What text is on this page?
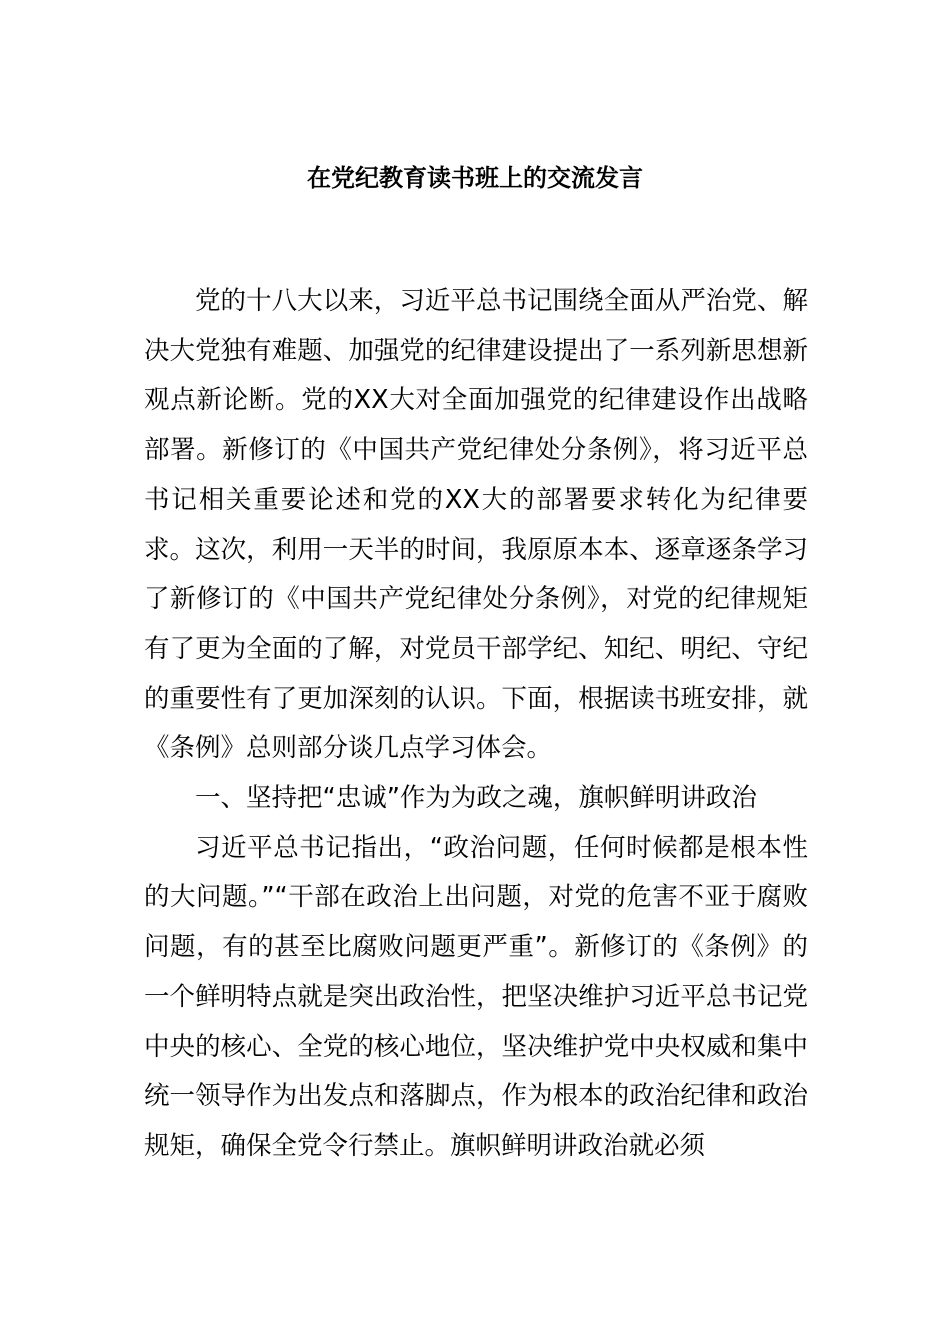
在党纪教育读书班上的交流发言

党的十八大以来，习近平总书记围绕全面从严治党、解决大党独有难题、加强党的纪律建设提出了一系列新思想新观点新论断。党的XX大对全面加强党的纪律建设作出战略部署。新修订的《中国共产党纪律处分条例》，将习近平总书记相关重要论述和党的XX大的部署要求转化为纪律要求。这次，利用一天半的时间，我原原本本、逐章逐条学习了新修订的《中国共产党纪律处分条例》，对党的纪律规矩有了更为全面的了解，对党员干部学纪、知纪、明纪、守纪的重要性有了更加深刻的认识。下面，根据读书班安排，就《条例》总则部分谈几点学习体会。

一、坚持把“忠诚”作为为政之魂，旗帜鲜明讲政治

习近平总书记指出，“政治问题，任何时候都是根本性的大问题。”“干部在政治上出问题，对党的危害不亚于腐败问题，有的甚至比腐败问题更严重”。新修订的《条例》的一个鲜明特点就是突出政治性，把坚决维护习近平总书记党中央的核心、全党的核心地位，坚决维护党中央权威和集中统一领导作为出发点和落脚点，作为根本的政治纪律和政治规矩，确保全党令行禁止。旗帜鲜明讲政治就必须
